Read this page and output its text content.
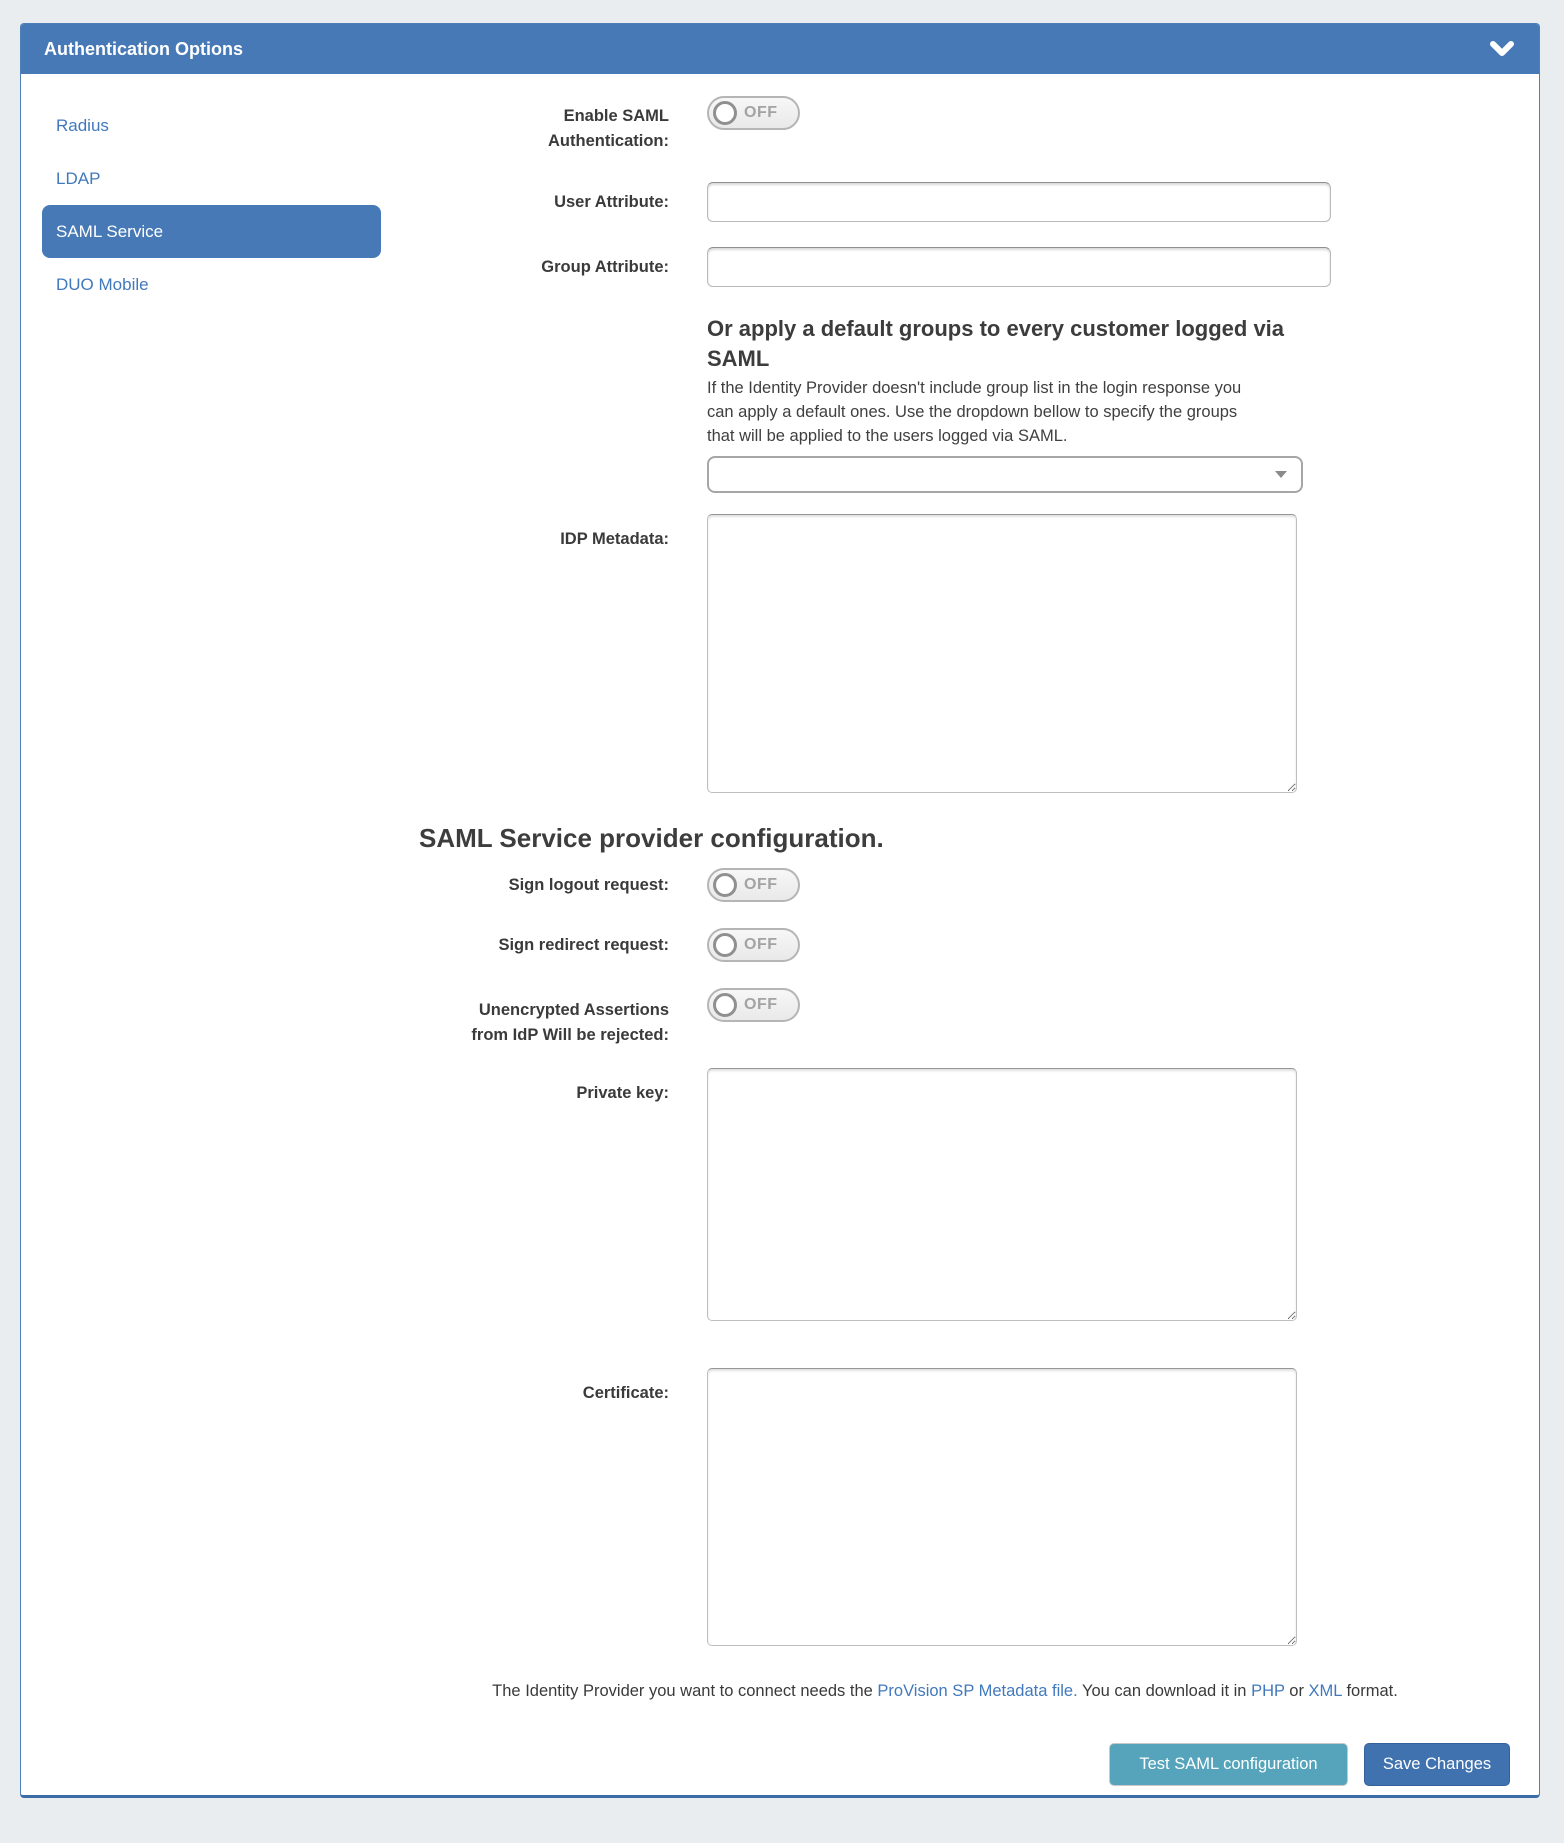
Authentication Options
Radius
LDAP
SAML Service
DUO Mobile
Enable SAML
Authentication:
OFF
User Attribute:
Group Attribute:
Or apply a default groups to every customer logged via
SAML
If the Identity Provider doesn't include group list in the login response you
can apply a default ones. Use the dropdown bellow to specify the groups
that will be applied to the users logged via SAML.
IDP Metadata:
SAML Service provider configuration.
Sign logout request:	OFF
Sign redirect request:	OFF
Unencrypted Assertions
from IdP Will be rejected:
OFF
Private key:
Certificate:
The Identity Provider you want to connect needs the ProVision SP Metadata file. You can download it in PHP or XML format.
Test SAML configuration	Save Changes
